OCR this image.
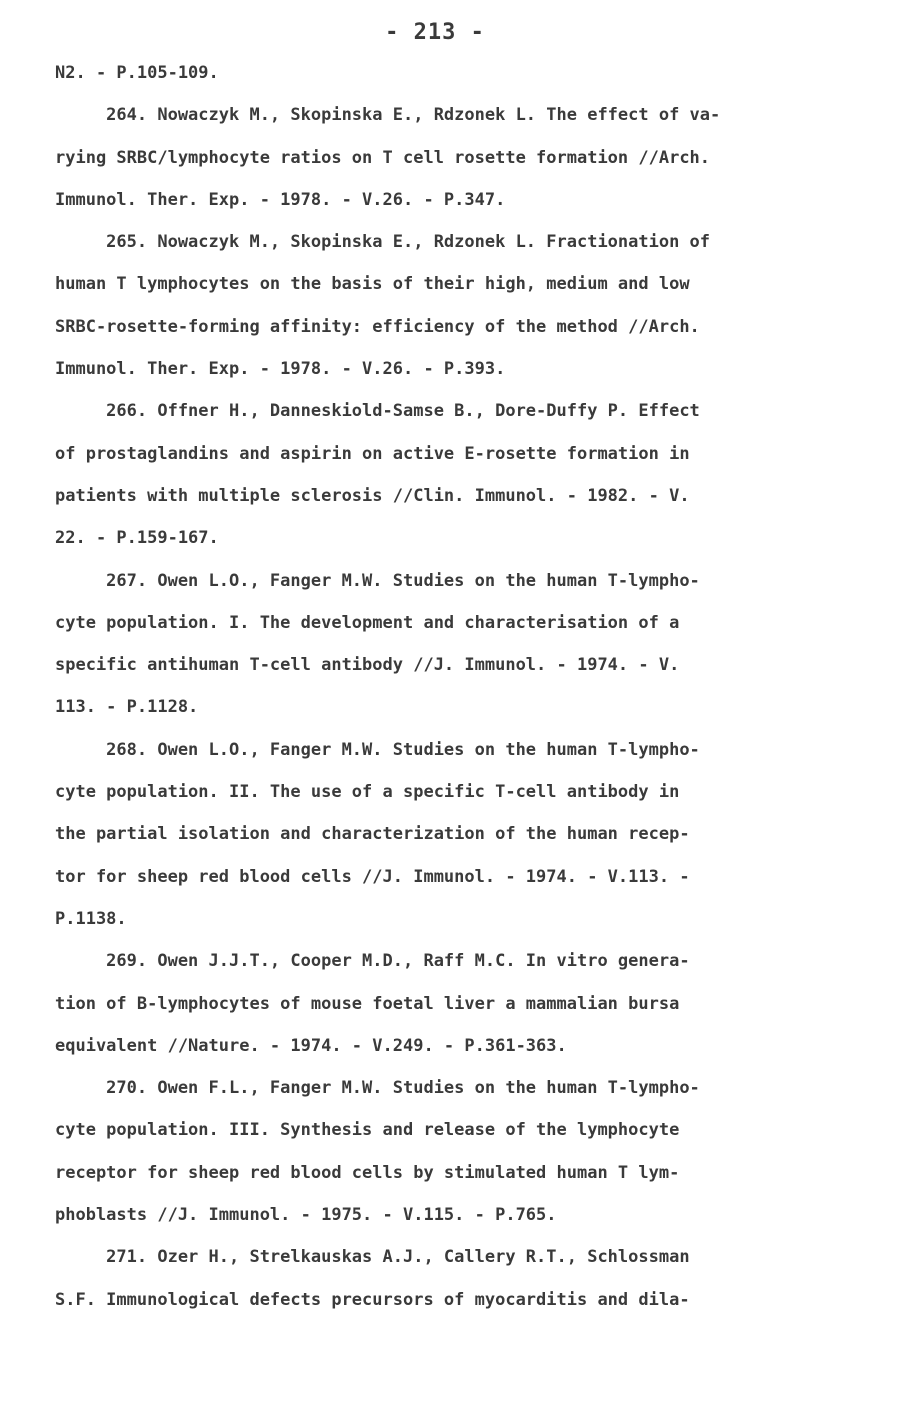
- 213 -
N2. - P.105-109.
264. Nowaczyk M., Skopinska E., Rdzonek L. The effect of va-
rying SRBC/lymphocyte ratios on T cell rosette formation //Arch.
Immunol. Ther. Exp. - 1978. - V.26. - P.347.
265. Nowaczyk M., Skopinska E., Rdzonek L. Fractionation of
human T lymphocytes on the basis of their high, medium and low
SRBC-rosette-forming affinity: efficiency of the method //Arch.
Immunol. Ther. Exp. - 1978. - V.26. - P.393.
266. Offner H., Danneskiold-Samse B., Dore-Duffy P. Effect
of prostaglandins and aspirin on active E-rosette formation in
patients with multiple sclerosis //Clin. Immunol. - 1982. - V.
22. - P.159-167.
267. Owen L.O., Fanger M.W. Studies on the human T-lympho-
cyte population. I. The development and characterisation of a
specific antihuman T-cell antibody //J. Immunol. - 1974. - V.
113. - P.1128.
268. Owen L.O., Fanger M.W. Studies on the human T-lympho-
cyte population. II. The use of a specific T-cell antibody in
the partial isolation and characterization of the human recep-
tor for sheep red blood cells //J. Immunol. - 1974. - V.113. -
P.1138.
269. Owen J.J.T., Cooper M.D., Raff M.C. In vitro genera-
tion of B-lymphocytes of mouse foetal liver a mammalian bursa
equivalent //Nature. - 1974. - V.249. - P.361-363.
270. Owen F.L., Fanger M.W. Studies on the human T-lympho-
cyte population. III. Synthesis and release of the lymphocyte
receptor for sheep red blood cells by stimulated human T lym-
phoblasts //J. Immunol. - 1975. - V.115. - P.765.
271. Ozer H., Strelkauskas A.J., Callery R.T., Schlossman
S.F. Immunological defects precursors of myocarditis and dila-
